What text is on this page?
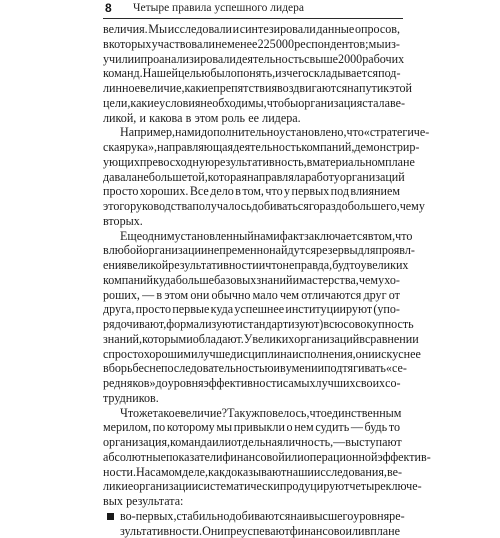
8 Четыре правила успешного лидера
величия. Мы исследовали и синтезировали данные опросов,
в которых участвовали не менее 225 000 респондентов; мы из-
учили и проанализировали деятельность свыше 2000 рабочих
команд. Нашей целью было понять, из чего складывается под-
линное величие, какие препятствия воздвигаются на пути к этой
цели, какие условия необходимы, чтобы организация стала ве-
ликой, и какова в этом роль ее лидера.
Например, нами дополнительно установлено, что «стратегиче-
ская рука», направляющая деятельность компаний, демонстрир-
ующих превосходную результативность, в материальном плане
давала не больше той, которая направляла работу организаций
просто хороших. Все дело в том, что у первых под влиянием
этого руководства получалось добиваться гораздо большего, чем у
вторых.
Еще одним установленный нами факт заключается в том, что
в любой организации непременно найдутся резервы для проявл-
ения великой результативности и что неправда, будто у великих
компаний куда больше базовых знаний и мастерства, чем у хо-
роших, — в этом они обычно мало чем отличаются друг от
друга, просто первые куда успешнее институциируют (упо-
рядочивают, формализуют и стандартизуют) всю совокупность
знаний, которыми обладают. У великих организаций в сравнении
с просто хорошими лучше дисциплина исполнения, они искуснее
в борьбе с непоследовательностью и в умении подтягивать «се-
редняков» до уровня эффективности самых лучших своих со-
трудников.
Что же такое величие? Так уж повелось, что единственным
мерилом, по которому мы привыкли о нем судить — будь то
организация, команда или отдельная личность, — выступают
абсолютные показатели финансовой или операционной эффектив-
ности. На самом деле, как доказывают наши исследования, ве-
ликие организации систематически продуцируют четыре ключе-
вых результата:
во-первых, стабильно добиваются наивысшего уровня ре-
зультативности. Они преуспевают финансово или в плане
